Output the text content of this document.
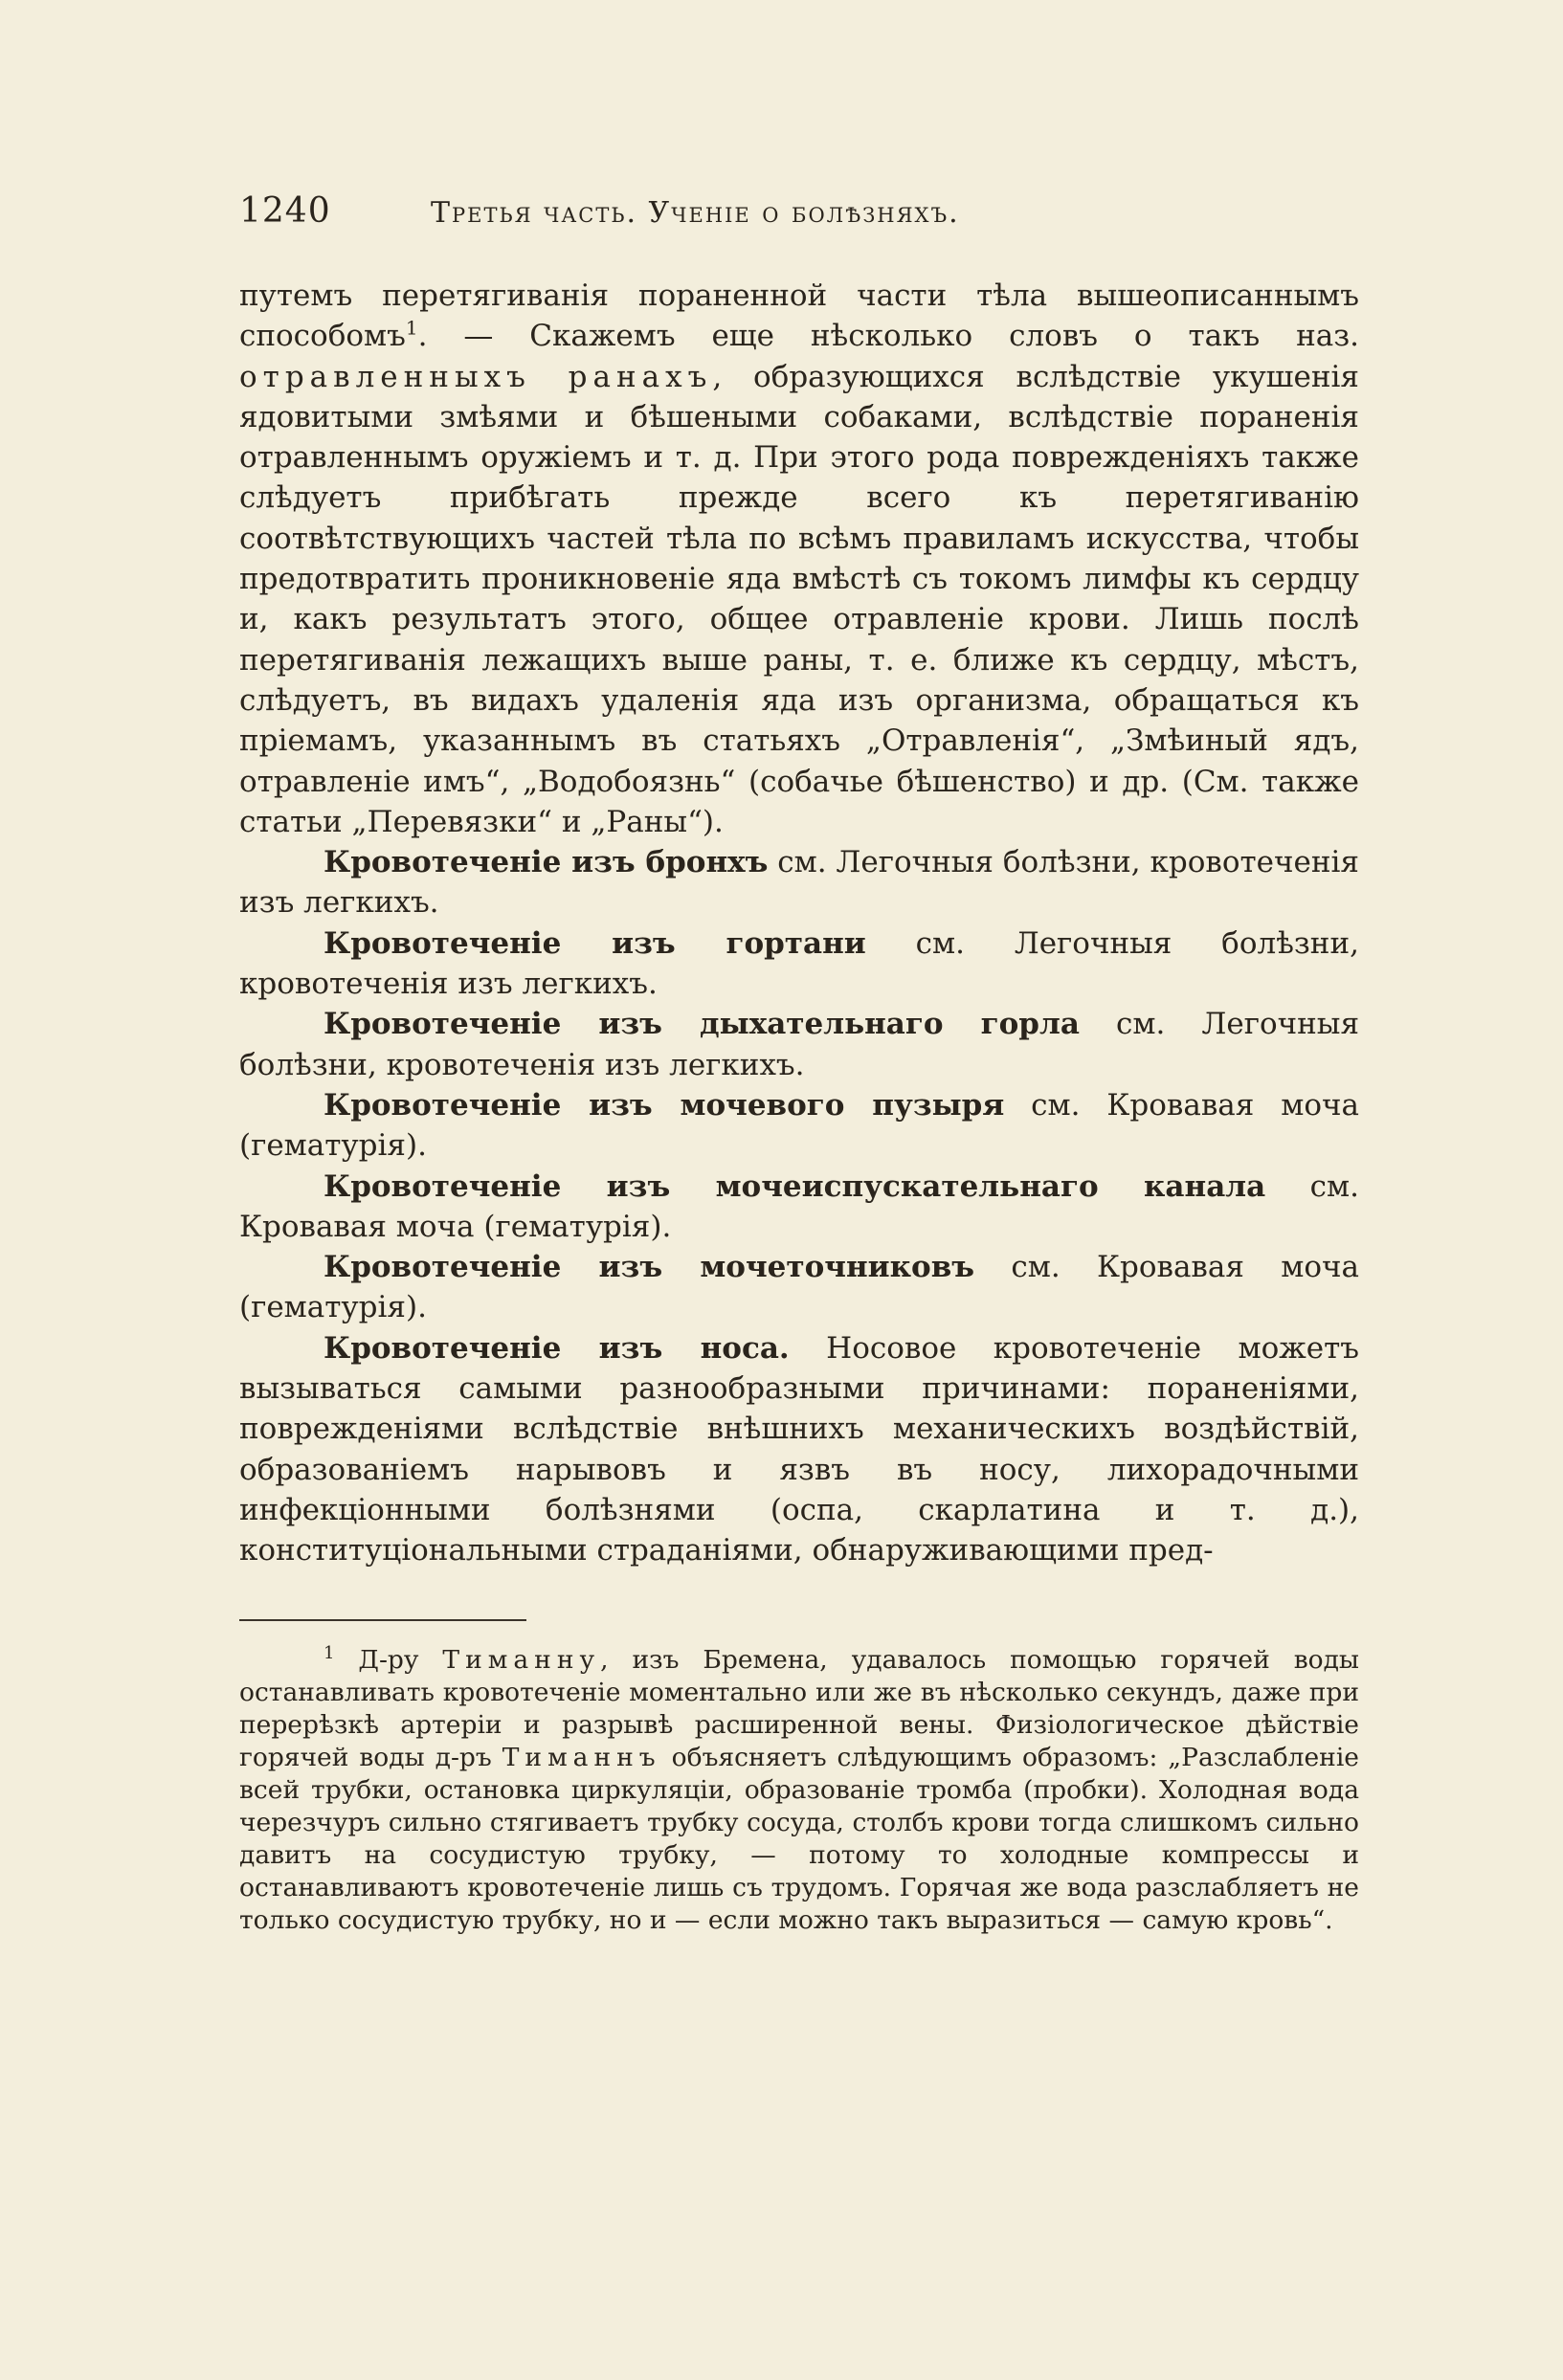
1240	Третья часть. Ученіе о болѣзняхъ.

путемъ перетягиванія пораненной части тѣла вышеописаннымъ способомъ$^1$. — Скажемъ еще нѣсколько словъ о такъ наз. отравленныхъ ранахъ, образующихся вслѣдствіе укушенія ядовитыми змѣями и бѣшеными собаками, вслѣдствіе пораненія отравленнымъ оружіемъ и т. д. При этого рода поврежденіяхъ также слѣдуетъ прибѣгать прежде всего къ перетягиванію соотвѣтствующихъ частей тѣла по всѣмъ правиламъ искусства, чтобы предотвратить проникновеніе яда вмѣстѣ съ токомъ лимфы къ сердцу и, какъ результатъ этого, общее отравленіе крови. Лишь послѣ перетягиванія лежащихъ выше раны, т. е. ближе къ сердцу, мѣстъ, слѣдуетъ, въ видахъ удаленія яда изъ организма, обращаться къ пріемамъ, указаннымъ въ статьяхъ „Отравленія“, „Змѣиный ядъ, отравленіе имъ“, „Водобоязнь“ (собачье бѣшенство) и др. (См. также статьи „Перевязки“ и „Раны“).

Кровотеченіе изъ бронхъ см. Легочныя болѣзни, кровотеченія изъ легкихъ.

Кровотеченіе изъ гортани см. Легочныя болѣзни, кровотеченія изъ легкихъ.

Кровотеченіе изъ дыхательнаго горла см. Легочныя болѣзни, кровотеченія изъ легкихъ.

Кровотеченіе изъ мочевого пузыря см. Кровавая моча (гематурія).

Кровотеченіе изъ мочеиспускательнаго канала см. Кровавая моча (гематурія).

Кровотеченіе изъ мочеточниковъ см. Кровавая моча (гематурія).

Кровотеченіе изъ носа. Носовое кровотеченіе можетъ вызываться самыми разнообразными причинами: пораненіями, поврежденіями вслѣдствіе внѣшнихъ механическихъ воздѣйствій, образованіемъ нарывовъ и язвъ въ носу, лихорадочными инфекціонными болѣзнями (оспа, скарлатина и т. д.), конституціональными страданіями, обнаруживающими пред-

$^1$ Д-ру Тиманну, изъ Бремена, удавалось помощью горячей воды останавливать кровотеченіе моментально или же въ нѣсколько секундъ, даже при перерѣзкѣ артеріи и разрывѣ расширенной вены. Физіологическое дѣйствіе горячей воды д-ръ Тиманнъ объясняетъ слѣдующимъ образомъ: „Разслабленіе всей трубки, остановка циркуляціи, образованіе тромба (пробки). Холодная вода черезчуръ сильно стягиваетъ трубку сосуда, столбъ крови тогда слишкомъ сильно давитъ на сосудистую трубку, — потому то холодные компрессы и останавливаютъ кровотеченіе лишь съ трудомъ. Горячая же вода разслабляетъ не только сосудистую трубку, но и — если можно такъ выразиться — самую кровь“.
